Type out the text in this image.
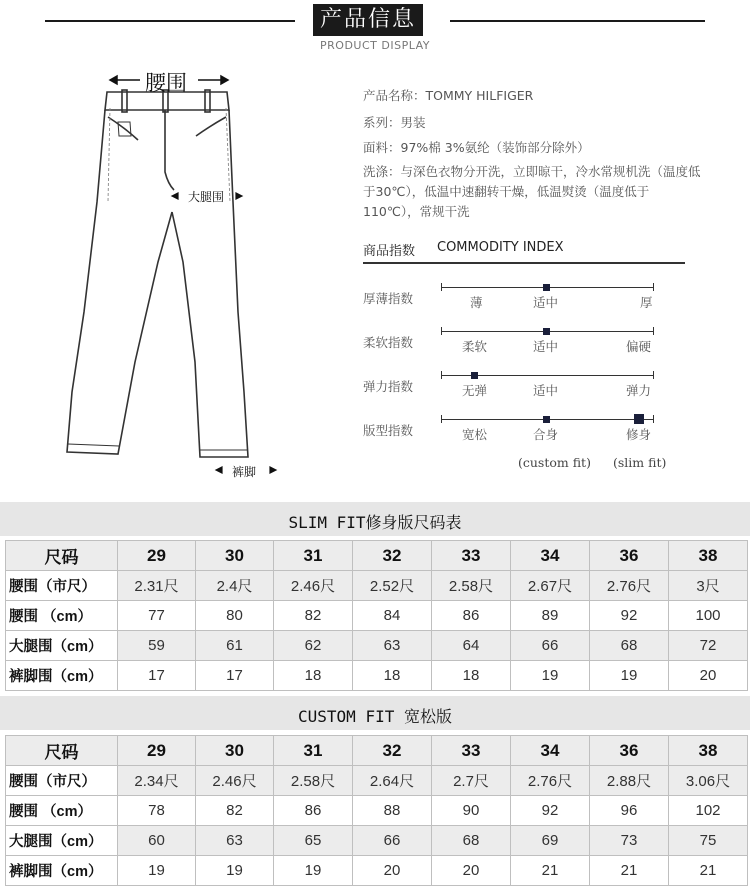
产品信息
PRODUCT DISPLAY
腰围
大腿围
裤脚
产品名称：TOMMY HILFIGER
系列：男装
面料：97%棉 3%氨纶（装饰部分除外）
洗涤：与深色衣物分开洗，立即晾干，冷水常规机洗（温度低
于30℃），低温中速翻转干燥，低温熨烫（温度低于
110℃），常规干洗
商品指数 COMMODITY INDEX
厚薄指数	薄	适中	厚
柔软指数	柔软	适中	偏硬
弹力指数	无弹	适中	弹力
版型指数	宽松	合身	修身
(custom fit) (slim fit)
SLIM FIT修身版尺码表
尺码	29	30	31	32	33	34	36	38
腰围（市尺）	2.31尺	2.4尺	2.46尺	2.52尺	2.58尺	2.67尺	2.76尺	3尺
腰围 （cm）	77	80	82	84	86	89	92	100
大腿围（cm）	59	61	62	63	64	66	68	72
裤脚围（cm）	17	17	18	18	18	19	19	20
CUSTOM FIT 宽松版
尺码	29	30	31	32	33	34	36	38
腰围（市尺）	2.34尺	2.46尺	2.58尺	2.64尺	2.7尺	2.76尺	2.88尺	3.06尺
腰围 （cm）	78	82	86	88	90	92	96	102
大腿围（cm）	60	63	65	66	68	69	73	75
裤脚围（cm）	19	19	19	20	20	21	21	21
